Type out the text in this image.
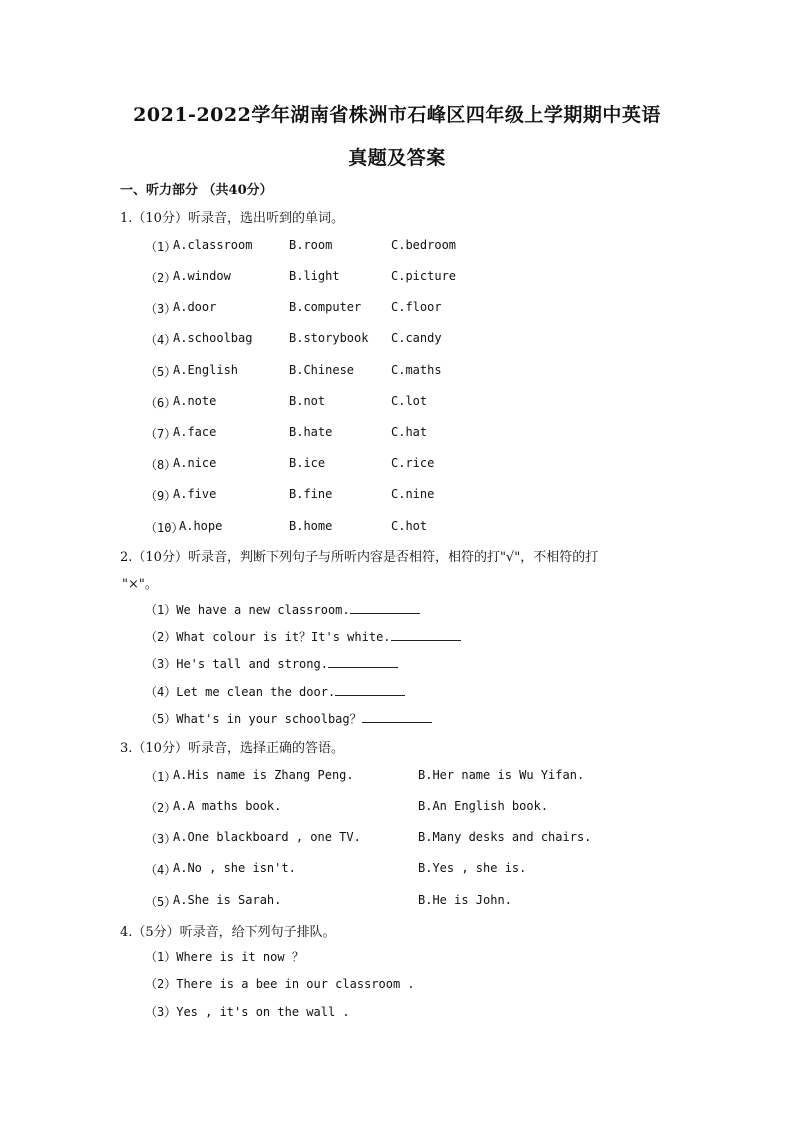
2021-2022学年湖南省株洲市石峰区四年级上学期期中英语
真题及答案
一、听力部分 （共40分）
1.（10分）听录音，选出听到的单词。
（1）
A.classroom	B.room	C.bedroom
（2）
A.window	B.light	C.picture
（3）
A.door	B.computer C.floor
（4）
A.schoolbag	B.storybook C.candy
（5）
A.English	B.Chinese	C.maths
（6）
A.note	B.not	C.lot
（7）
A.face	B.hate	C.hat
（8）
A.nice	B.ice	C.rice
（9）
A.five	B.fine	C.nine
（10）
A.hope	B.home	C.hot
2.（10分）听录音，判断下列句子与所听内容是否相符，相符的打"√"，不相符的打
"×"。
（1）We have a new classroom.
（2）What colour is it？It's white.
（3）He's tall and strong.
（4）Let me clean the door.
（5）What's in your schoolbag？
3.（10分）听录音，选择正确的答语。
（1）
A.His name is Zhang Peng.	B.Her name is Wu Yifan.
（2）
A.A maths book.	B.An English book.
（3）
A.One blackboard , one TV.	B.Many desks and chairs.
（4）
A.No , she isn't.	B.Yes , she is.
（5）
A.She is Sarah.	B.He is John.
4.（5分）听录音，给下列句子排队。
（1）Where is it now ？
（2）There is a bee in our classroom .
（3）Yes , it's on the wall .
